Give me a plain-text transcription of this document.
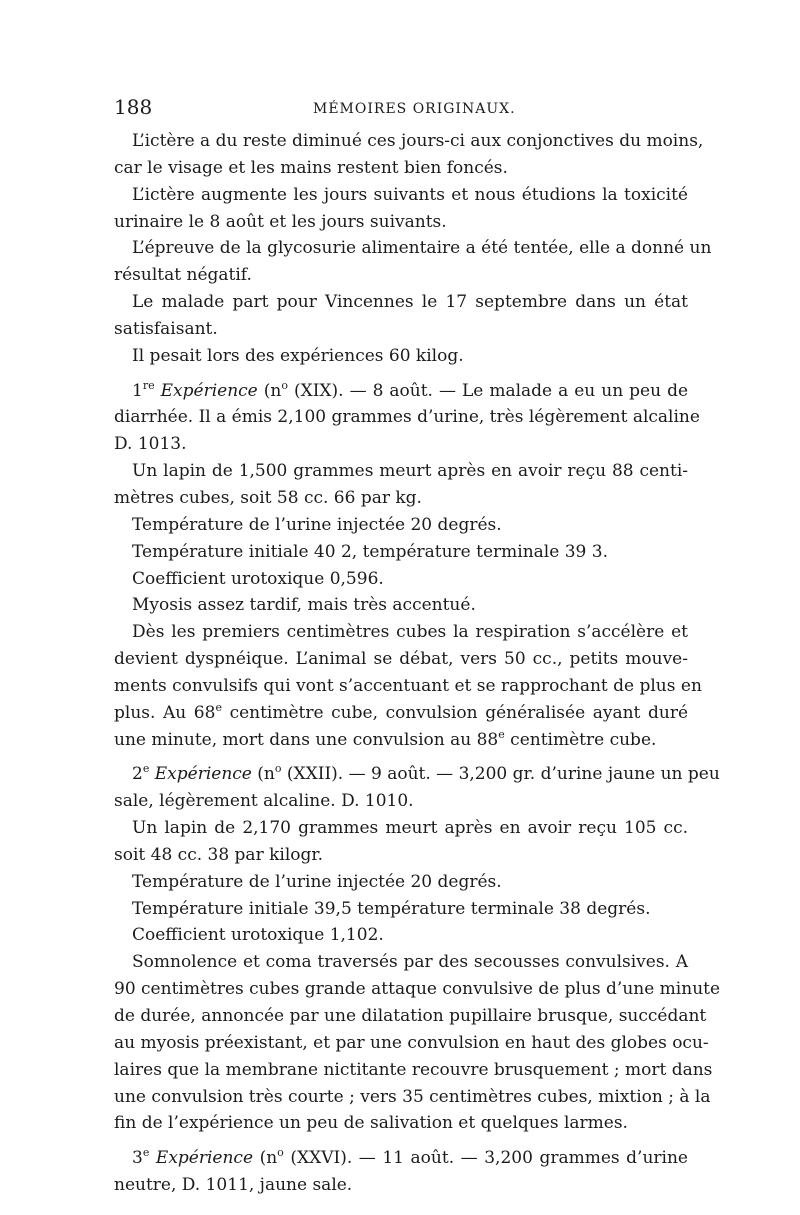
188	MÉMOIRES ORIGINAUX.
L’ictère a du reste diminué ces jours-ci aux conjonctives du moins,
car le visage et les mains restent bien foncés.
L’ictère augmente les jours suivants et nous étudions la toxicité
urinaire le 8 août et les jours suivants.
L’épreuve de la glycosurie alimentaire a été tentée, elle a donné un
résultat négatif.
Le malade part pour Vincennes le 17 septembre dans un état
satisfaisant.
Il pesait lors des expériences 60 kilog.
1re Expérience ($n^o$ (XIX). — 8 août. — Le malade a eu un peu de
diarrhée. Il a émis 2,100 grammes d’urine, très légèrement alcaline
D. 1013.
Un lapin de 1,500 grammes meurt après en avoir reçu 88 centi-
mètres cubes, soit 58 cc. 66 par kg.
Température de l’urine injectée 20 degrés.
Température initiale 40 2, température terminale 39 3.
Coefficient urotoxique 0,596.
Myosis assez tardif, mais très accentué.
Dès les premiers centimètres cubes la respiration s’accélère et
devient dyspnéique. L’animal se débat, vers 50 cc., petits mouve-
ments convulsifs qui vont s’accentuant et se rapprochant de plus en
plus. Au 68e centimètre cube, convulsion généralisée ayant duré
une minute, mort dans une convulsion au 88e centimètre cube.
2e Expérience ($n^o$ (XXII). — 9 août. — 3,200 gr. d’urine jaune un peu
sale, légèrement alcaline. D. 1010.
Un lapin de 2,170 grammes meurt après en avoir reçu 105 cc.
soit 48 cc. 38 par kilogr.
Température de l’urine injectée 20 degrés.
Température initiale 39,5 température terminale 38 degrés.
Coefficient urotoxique 1,102.
Somnolence et coma traversés par des secousses convulsives. A
90 centimètres cubes grande attaque convulsive de plus d’une minute
de durée, annoncée par une dilatation pupillaire brusque, succédant
au myosis préexistant, et par une convulsion en haut des globes ocu-
laires que la membrane nictitante recouvre brusquement ; mort dans
une convulsion très courte ; vers 35 centimètres cubes, mixtion ; à la
fin de l’expérience un peu de salivation et quelques larmes.
3e Expérience ($n^o$ (XXVI). — 11 août. — 3,200 grammes d’urine
neutre, D. 1011, jaune sale.
